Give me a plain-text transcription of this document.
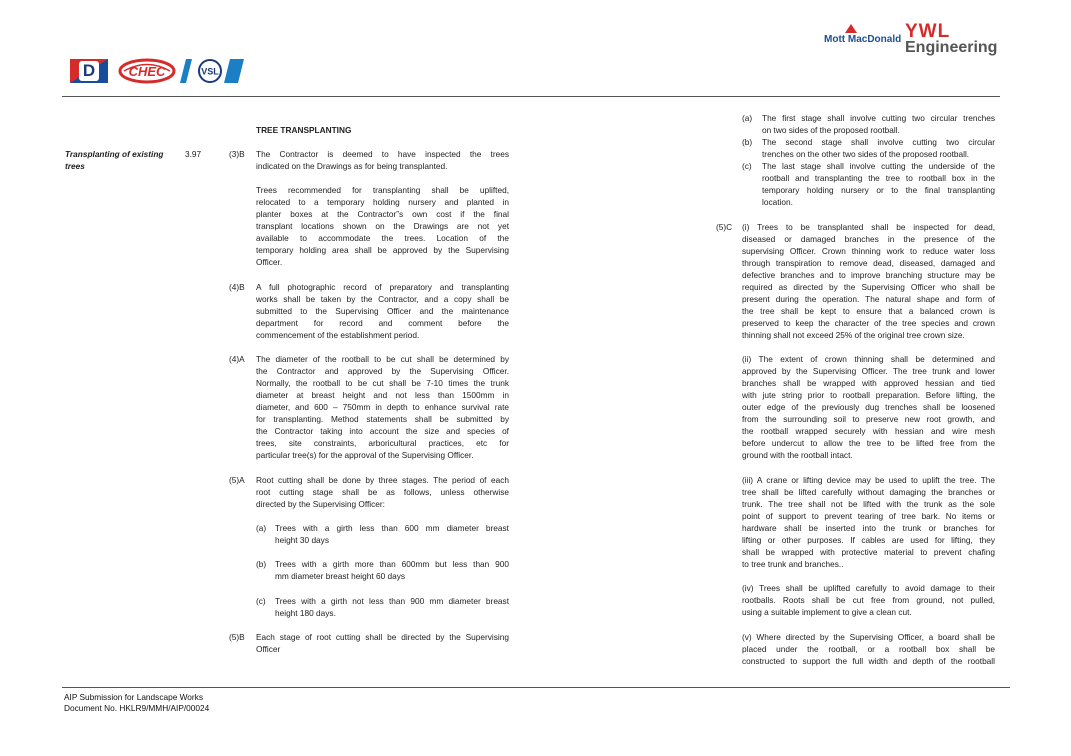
D	CHEC	VSL
Mott MacDonald YWL
Engineering
TREE TRANSPLANTING
Transplanting of existing
trees
3.97	(3)B The Contractor is deemed to have inspected the trees
indicated on the Drawings as for being transplanted.
Trees recommended for transplanting shall be uplifted,
relocated to a temporary holding nursery and planted in
planter boxes at the Contractor”s own cost if the final
transplant locations shown on the Drawings are not yet
available to accommodate the trees. Location of the
temporary holding area shall be approved by the Supervising
Officer.
(4)B A full photographic record of preparatory and transplanting
works shall be taken by the Contractor, and a copy shall be
submitted to the Supervising Officer and the maintenance
department for record and comment before the
commencement of the establishment period.
(4)A The diameter of the rootball to be cut shall be determined by
the Contractor and approved by the Supervising Officer.
Normally, the rootball to be cut shall be 7-10 times the trunk
diameter at breast height and not less than 1500mm in
diameter, and 600 – 750mm in depth to enhance survival rate
for transplanting. Method statements shall be submitted by
the Contractor taking into account the size and species of
trees, site constraints, arboricultural practices, etc for
particular tree(s) for the approval of the Supervising Officer.
(5)A Root cutting shall be done by three stages. The period of each
root cutting stage shall be as follows, unless otherwise
directed by the Supervising Officer:
(a) Trees with a girth less than 600 mm diameter breast
height 30 days
(b) Trees with a girth more than 600mm but less than 900
mm diameter breast height 60 days
(c) Trees with a girth not less than 900 mm diameter breast
height 180 days.
(5)B Each stage of root cutting shall be directed by the Supervising
Officer
(a) The first stage shall involve cutting two circular trenches
on two sides of the proposed rootball.
(b) The second stage shall involve cutting two circular
trenches on the other two sides of the proposed rootball.
(c) The last stage shall involve cutting the underside of the
rootball and transplanting the tree to rootball box in the
temporary holding nursery or to the final transplanting
location.
(5)C (i) Trees to be transplanted shall be inspected for dead,
diseased or damaged branches in the presence of the
supervising Officer. Crown thinning work to reduce water loss
through transpiration to remove dead, diseased, damaged and
defective branches and to improve branching structure may be
required as directed by the Supervising Officer who shall be
present during the operation. The natural shape and form of
the tree shall be kept to ensure that a balanced crown is
preserved to keep the character of the tree species and crown
thinning shall not exceed 25% of the original tree crown size.
(ii) The extent of crown thinning shall be determined and
approved by the Supervising Officer. The tree trunk and lower
branches shall be wrapped with approved hessian and tied
with jute string prior to rootball preparation. Before lifting, the
outer edge of the previously dug trenches shall be loosened
from the surrounding soil to preserve new root growth, and
the rootball wrapped securely with hessian and wire mesh
before undercut to allow the tree to be lifted free from the
ground with the rootball intact.
(iii) A crane or lifting device may be used to uplift the tree. The
tree shall be lifted carefully without damaging the branches or
trunk. The tree shall not be lifted with the trunk as the sole
point of support to prevent tearing of tree bark. No items or
hardware shall be inserted into the trunk or branches for
lifting or other purposes. If cables are used for lifting, they
shall be wrapped with protective material to prevent chafing
to tree trunk and branches..
(iv) Trees shall be uplifted carefully to avoid damage to their
rootballs. Roots shall be cut free from ground, not pulled,
using a suitable implement to give a clean cut.
(v) Where directed by the Supervising Officer, a board shall be
placed under the rootball, or a rootball box shall be
constructed to support the full width and depth of the rootball
AIP Submission for Landscape Works
Document No. HKLR9/MMH/AIP/00024
